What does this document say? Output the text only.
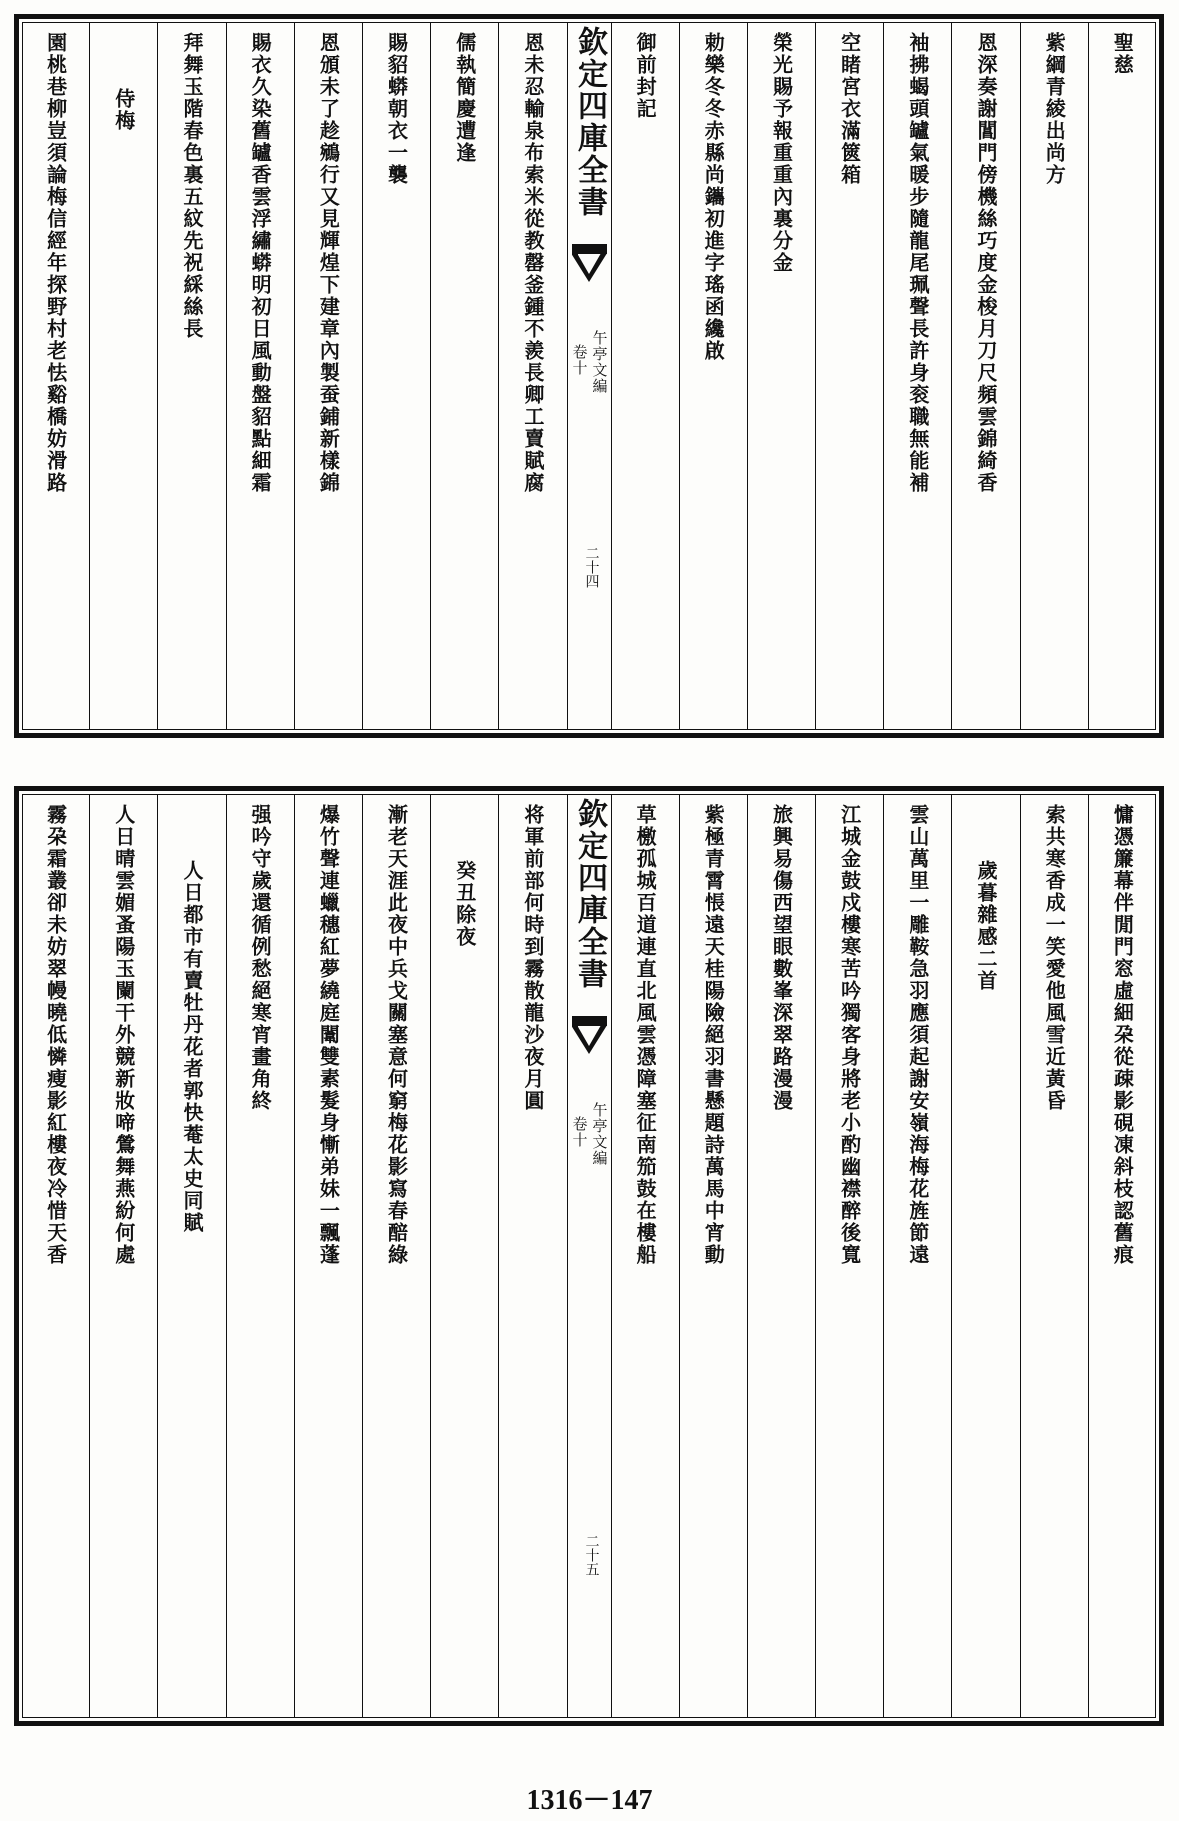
聖慈
紫綱青綾出尚方
恩深奏謝閶門傍機絲巧度金梭月刀尺頻雲錦綺香
袖拂蝎頭罏氣暖步隨龍尾珮聲長許身衮職無能補
空睹宮衣滿篋箱
榮光賜予報重重內裏分金
勅樂冬冬赤縣尚鑴初進字瑤函纔啟
御前封記
欽定四庫全書
午亭文編
卷十
二十四
恩未忍輸泉布索米從教罄釜鍾不羨長卿工賣賦腐
儒執簡慶遭逢
賜貂蟒朝衣一襲
恩頒未了趁鵷行又見輝煌下建章內製蚕鋪新樣錦
賜衣久染舊罏香雲浮繡蟒明初日風動盤貂點細霜
拜舞玉階春色裏五紋先祝綵絲長
侍梅
園桃巷柳豈須論梅信經年探野村老怯谿橋妨滑路
慵憑簾幕伴閒門窓虛細朶從疎影硯凍斜枝認舊痕
索共寒香成一笑愛他風雪近黃昏
歲暮雜感二首
雲山萬里一雕鞍急羽應須起謝安嶺海梅花旌節遠
江城金鼓戍樓寒苦吟獨客身將老小酌幽襟醉後寬
旅興易傷西望眼數峯深翠路漫漫
紫極青霄悵遠天桂陽險絕羽書懸題詩萬馬中宵動
草檄孤城百道連直北風雲憑障塞征南笳鼓在樓船
欽定四庫全書
午亭文編
卷十
二十五
将軍前部何時到霧散龍沙夜月圓
癸丑除夜
漸老天涯此夜中兵戈關塞意何窮梅花影寫春醅綠
爆竹聲連蠟穗紅夢繞庭闈雙素髮身慚弟妹一飄蓬
强吟守歲還循例愁絕寒宵畫角終
人日都市有賣牡丹花者郭快菴太史同賦
人日晴雲媚蚤陽玉闌干外競新妝啼鶯舞燕紛何處
霧朶霜叢卻未妨翠幔曉低憐瘦影紅樓夜冷惜天香
1316－147
